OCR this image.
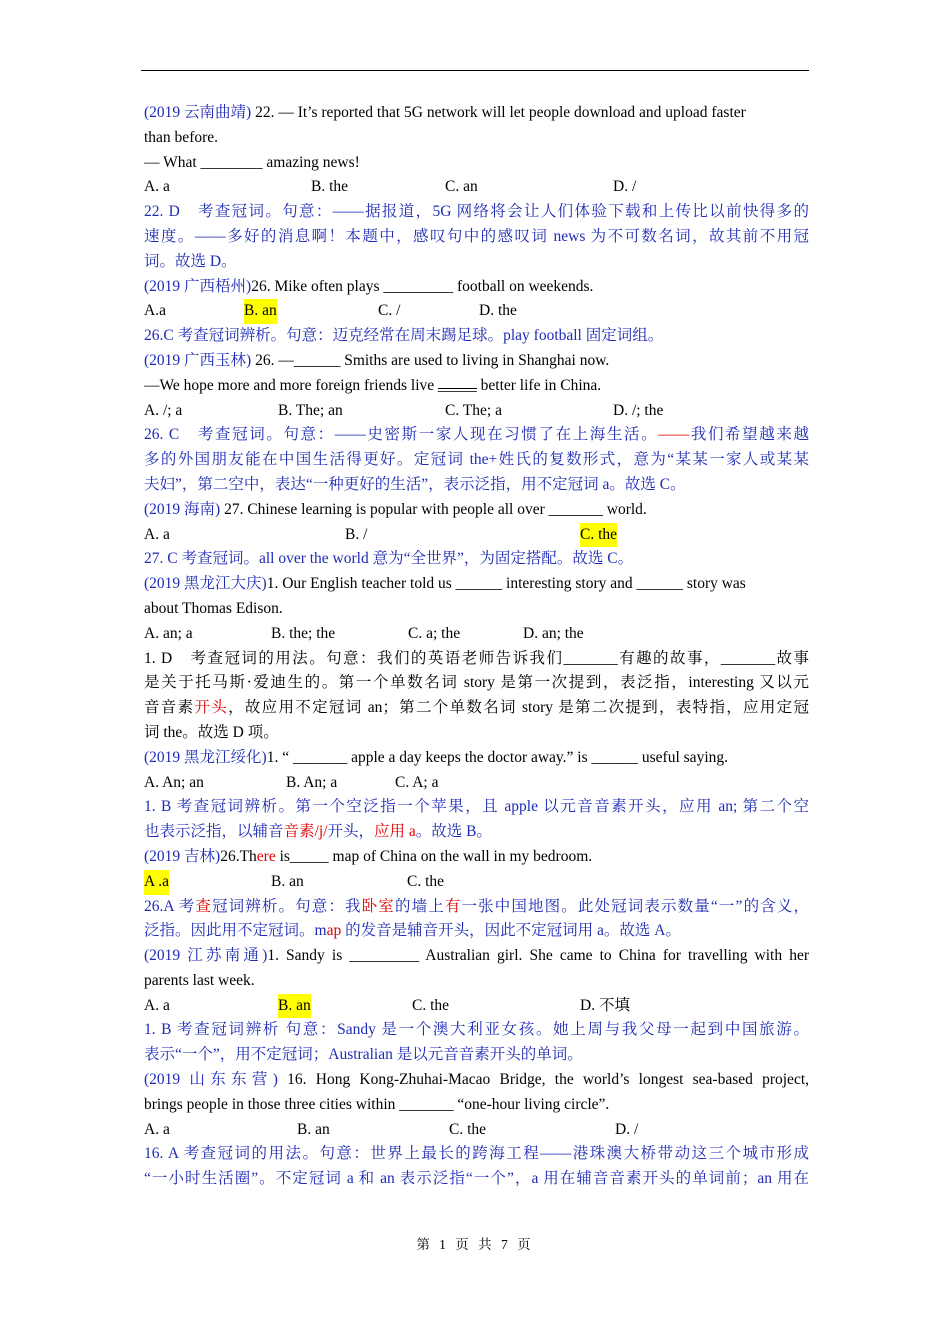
(2019 云南曲靖) 22. — It’s reported that 5G network will let people download and upload faster
than before.
— What ________ amazing news!
A. a	B. the	C. an	D. /
22. D　考查冠词。句意：——据报道，5G 网络将会让人们体验下载和上传比以前快得多的
速度。——多好的消息啊！本题中，感叹句中的感叹词 news 为不可数名词，故其前不用冠
词。故选 D。
(2019 广西梧州)26. Mike often plays _________ football on weekends.
A.a	B. an	C. /	D. the
26.C 考查冠词辨析。句意：迈克经常在周末踢足球。play football 固定词组。
(2019 广西玉林) 26. —______ Smiths are used to living in Shanghai now.
—We hope more and more foreign friends live _____ better life in China.
A. /; a	B. The; an	C. The; a	D. /; the
26. C　考查冠词。句意：——史密斯一家人现在习惯了在上海生活。——我们希望越来越
多的外国朋友能在中国生活得更好。定冠词 the+姓氏的复数形式，意为“某某一家人或某某
夫妇”，第二空中，表达“一种更好的生活”，表示泛指，用不定冠词 a。故选 C。
(2019 海南) 27. Chinese learning is popular with people all over _______ world.
A. a	B. /	C. the
27. C 考查冠词。all over the world 意为“全世界”，为固定搭配。故选 C。
(2019 黑龙江大庆)1. Our English teacher told us ______ interesting story and ______ story was
about Thomas Edison.
A. an; a	B. the; the	C. a; the	D. an; the
1. D　考查冠词的用法。句意：我们的英语老师告诉我们_______有趣的故事，_______故事
是关于托马斯·爱迪生的。第一个单数名词 story 是第一次提到，表泛指，interesting 又以元
音音素开头，故应用不定冠词 an；第二个单数名词 story 是第二次提到，表特指，应用定冠
词 the。故选 D 项。
(2019 黑龙江绥化)1. “ _______ apple a day keeps the doctor away.” is ______ useful saying.
A. An; an	B. An; a	C. A; a
1. B 考查冠词辨析。第一个空泛指一个苹果，且 apple 以元音音素开头，应用 an; 第二个空
也表示泛指，以辅音音素/j/开头，应用 a。故选 B。
(2019 吉林)26.There is_____ map of China on the wall in my bedroom.
A .a	B. an	C. the
26.A 考查冠词辨析。句意：我卧室的墙上有一张中国地图。此处冠词表示数量“一”的含义，
泛指。因此用不定冠词。map 的发音是辅音开头，因此不定冠词用 a。故选 A。
(2019 江苏南通)1. Sandy is _________ Australian girl. She came to China for travelling with her
parents last week.
A. a	B. an	C. the	D. 不填
1. B 考查冠词辨析 句意：Sandy 是一个澳大利亚女孩。她上周与我父母一起到中国旅游。
表示“一个”，用不定冠词；Australian 是以元音音素开头的单词。
(2019 山东东营) 16. Hong Kong-Zhuhai-Macao Bridge, the world’s longest sea-based project,
brings people in those three cities within _______ “one-hour living circle”.
A. a	B. an	C. the	D. /
16. A 考查冠词的用法。句意：世界上最长的跨海工程——港珠澳大桥带动这三个城市形成
“一小时生活圈”。不定冠词 a 和 an 表示泛指“一个”，a 用在辅音音素开头的单词前；an 用在
第 1 页 共 7 页
